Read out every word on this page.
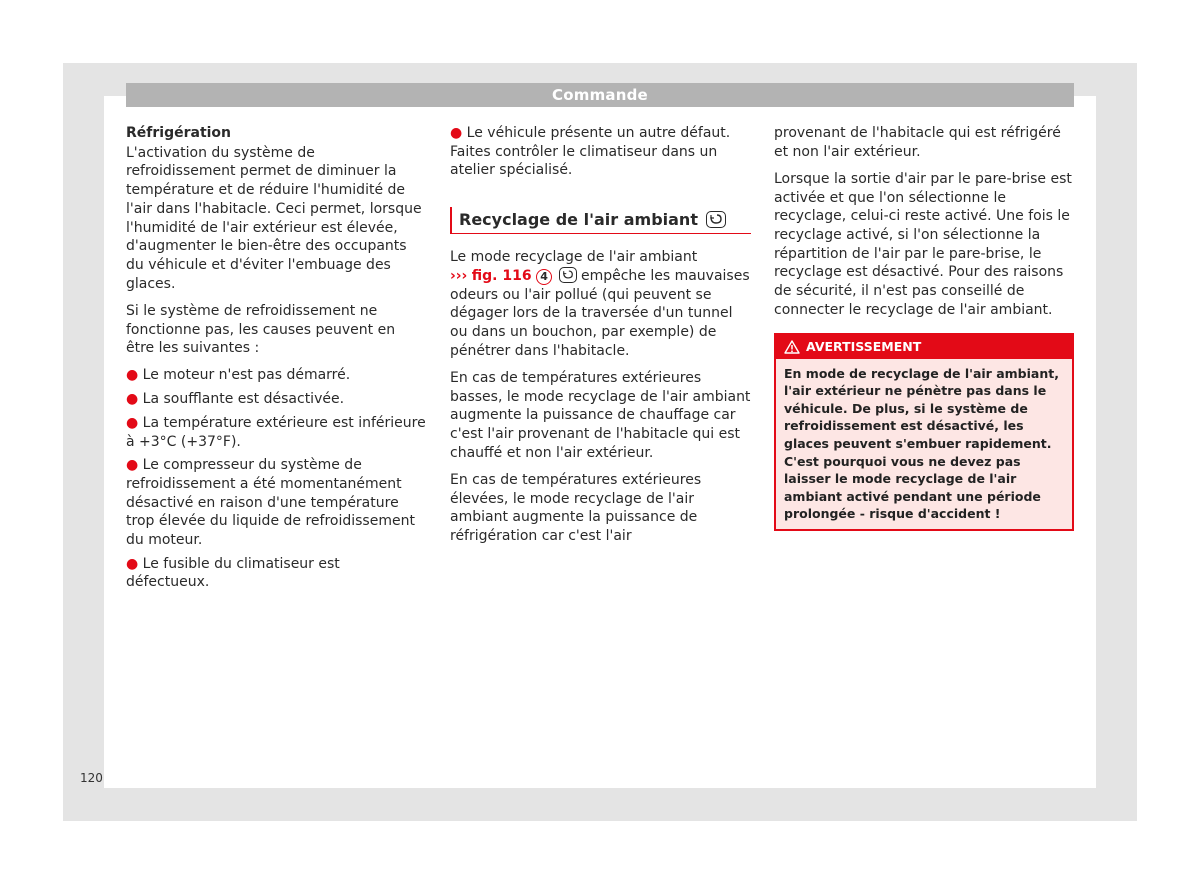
Commande

Réfrigération

L'activation du système de refroidissement permet de diminuer la température et de réduire l'humidité de l'air dans l'habitacle. Ceci permet, lorsque l'humidité de l'air extérieur est élevée, d'augmenter le bien-être des occupants du véhicule et d'éviter l'embuage des glaces.

Si le système de refroidissement ne fonctionne pas, les causes peuvent en être les suivantes :

● Le moteur n'est pas démarré.

● La soufflante est désactivée.

● La température extérieure est inférieure à +3°C (+37°F).

● Le compresseur du système de refroidissement a été momentanément désactivé en raison d'une température trop élevée du liquide de refroidissement du moteur.

● Le fusible du climatiseur est défectueux.

● Le véhicule présente un autre défaut. Faites contrôler le climatiseur dans un atelier spécialisé.

Recyclage de l'air ambiant

Le mode recyclage de l'air ambiant
››› fig. 116 4 empêche les mauvaises odeurs ou l'air pollué (qui peuvent se dégager lors de la traversée d'un tunnel ou dans un bouchon, par exemple) de pénétrer dans l'habitacle.

En cas de températures extérieures basses, le mode recyclage de l'air ambiant augmente la puissance de chauffage car c'est l'air provenant de l'habitacle qui est chauffé et non l'air extérieur.

En cas de températures extérieures élevées, le mode recyclage de l'air ambiant augmente la puissance de réfrigération car c'est l'air

provenant de l'habitacle qui est réfrigéré et non l'air extérieur.

Lorsque la sortie d'air par le pare-brise est activée et que l'on sélectionne le recyclage, celui-ci reste activé. Une fois le recyclage activé, si l'on sélectionne la répartition de l'air par le pare-brise, le recyclage est désactivé. Pour des raisons de sécurité, il n'est pas conseillé de connecter le recyclage de l'air ambiant.

AVERTISSEMENT
En mode de recyclage de l'air ambiant, l'air extérieur ne pénètre pas dans le véhicule. De plus, si le système de refroidissement est désactivé, les glaces peuvent s'embuer rapidement. C'est pourquoi vous ne devez pas laisser le mode recyclage de l'air ambiant activé pendant une période prolongée - risque d'accident !
120
